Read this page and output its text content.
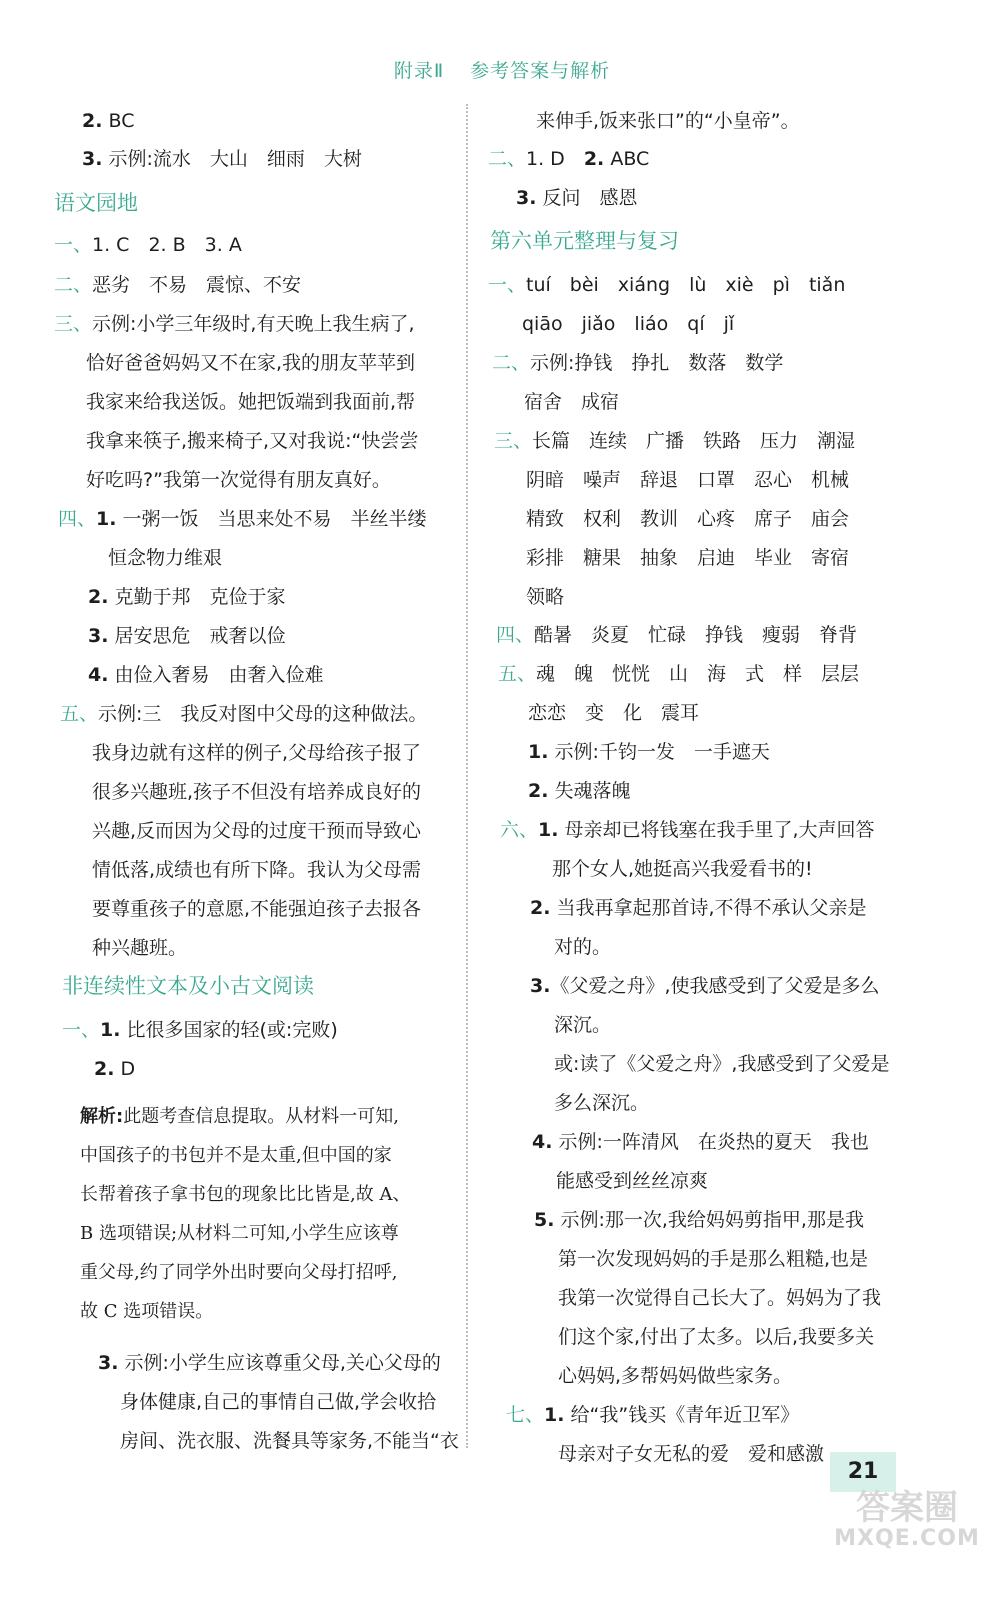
附录Ⅱ 参考答案与解析
2. BC
3. 示例:流水　大山　细雨　大树
语文园地
一、1. C　2. B　3. A
二、恶劣　不易　震惊、不安
三、示例:小学三年级时,有天晚上我生病了,
恰好爸爸妈妈又不在家,我的朋友苹苹到
我家来给我送饭。她把饭端到我面前,帮
我拿来筷子,搬来椅子,又对我说:“快尝尝
好吃吗?”我第一次觉得有朋友真好。
四、1. 一粥一饭　当思来处不易　半丝半缕
恒念物力维艰
2. 克勤于邦　克俭于家
3. 居安思危　戒奢以俭
4. 由俭入奢易　由奢入俭难
五、示例:三　我反对图中父母的这种做法。
我身边就有这样的例子,父母给孩子报了
很多兴趣班,孩子不但没有培养成良好的
兴趣,反而因为父母的过度干预而导致心
情低落,成绩也有所下降。我认为父母需
要尊重孩子的意愿,不能强迫孩子去报各
种兴趣班。
非连续性文本及小古文阅读
一、1. 比很多国家的轻(或:完败)
2. D
解析:此题考查信息提取。从材料一可知,
中国孩子的书包并不是太重,但中国的家
长帮着孩子拿书包的现象比比皆是,故 A、
B 选项错误;从材料二可知,小学生应该尊
重父母,约了同学外出时要向父母打招呼,
故 C 选项错误。
3. 示例:小学生应该尊重父母,关心父母的
身体健康,自己的事情自己做,学会收拾
房间、洗衣服、洗餐具等家务,不能当“衣
来伸手,饭来张口”的“小皇帝”。
二、1. D　2. ABC
3. 反问　感恩
第六单元整理与复习
一、tuí　bèi　xiáng　lù　xiè　pì　tiǎn
qiāo　jiǎo　liáo　qí　jǐ
二、示例:挣钱　挣扎　数落　数学
宿舍　成宿
三、长篇　连续　广播　铁路　压力　潮湿
阴暗　噪声　辞退　口罩　忍心　机械
精致　权利　教训　心疼　席子　庙会
彩排　糖果　抽象　启迪　毕业　寄宿
领略
四、酷暑　炎夏　忙碌　挣钱　瘦弱　脊背
五、魂　魄　恍恍　山　海　式　样　层层
恋恋　变　化　震耳
1. 示例:千钧一发　一手遮天
2. 失魂落魄
六、1. 母亲却已将钱塞在我手里了,大声回答
那个女人,她挺高兴我爱看书的!
2. 当我再拿起那首诗,不得不承认父亲是
对的。
3.《父爱之舟》,使我感受到了父爱是多么
深沉。
或:读了《父爱之舟》,我感受到了父爱是
多么深沉。
4. 示例:一阵清风　在炎热的夏天　我也
能感受到丝丝凉爽
5. 示例:那一次,我给妈妈剪指甲,那是我
第一次发现妈妈的手是那么粗糙,也是
我第一次觉得自己长大了。妈妈为了我
们这个家,付出了太多。以后,我要多关
心妈妈,多帮妈妈做些家务。
七、1. 给“我”钱买《青年近卫军》
母亲对子女无私的爱　爱和感激
21
答案圈
MXQE.COM
